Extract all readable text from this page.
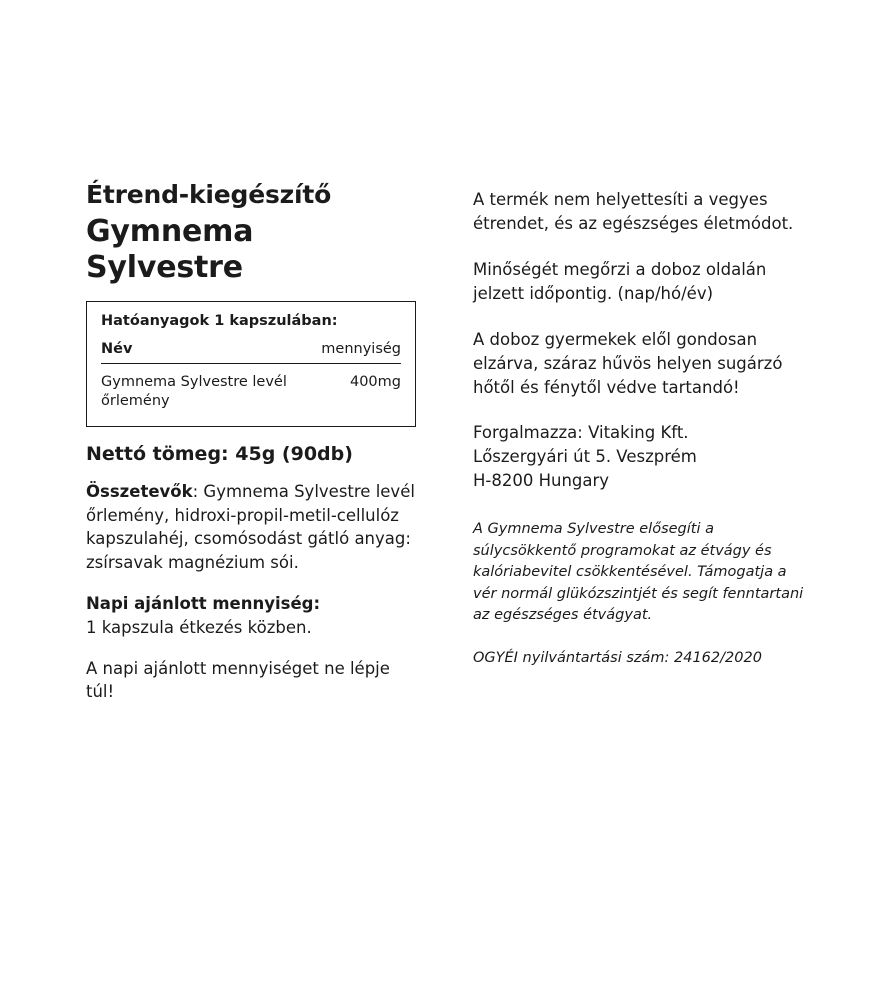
Étrend-kiegészítő
Gymnema
Sylvestre
Hatóanyagok 1 kapszulában:
Név	mennyiség
Gymnema Sylvestre levél őrlemény	400mg
Nettó tömeg: 45g (90db)

Összetevők: Gymnema Sylvestre levél őrlemény, hidroxi-propil-metil-cellulóz kapszulahéj, csomósodást gátló anyag: zsírsavak magnézium sói.

Napi ajánlott mennyiség:

1 kapszula étkezés közben.

A napi ajánlott mennyiséget ne lépje túl!

A termék nem helyettesíti a vegyes étrendet, és az egészséges életmódot.

Minőségét megőrzi a doboz oldalán jelzett időpontig. (nap/hó/év)

A doboz gyermekek elől gondosan elzárva, száraz hűvös helyen sugárzó hőtől és fénytől védve tartandó!

Forgalmazza: Vitaking Kft.
Lőszergyári út 5. Veszprém
H-8200 Hungary

A Gymnema Sylvestre elősegíti a súlycsökkentő programokat az étvágy és kalóriabevitel csökkentésével. Támogatja a vér normál glükózszintjét és segít fenntartani az egészséges étvágyat.

OGYÉI nyilvántartási szám: 24162/2020
